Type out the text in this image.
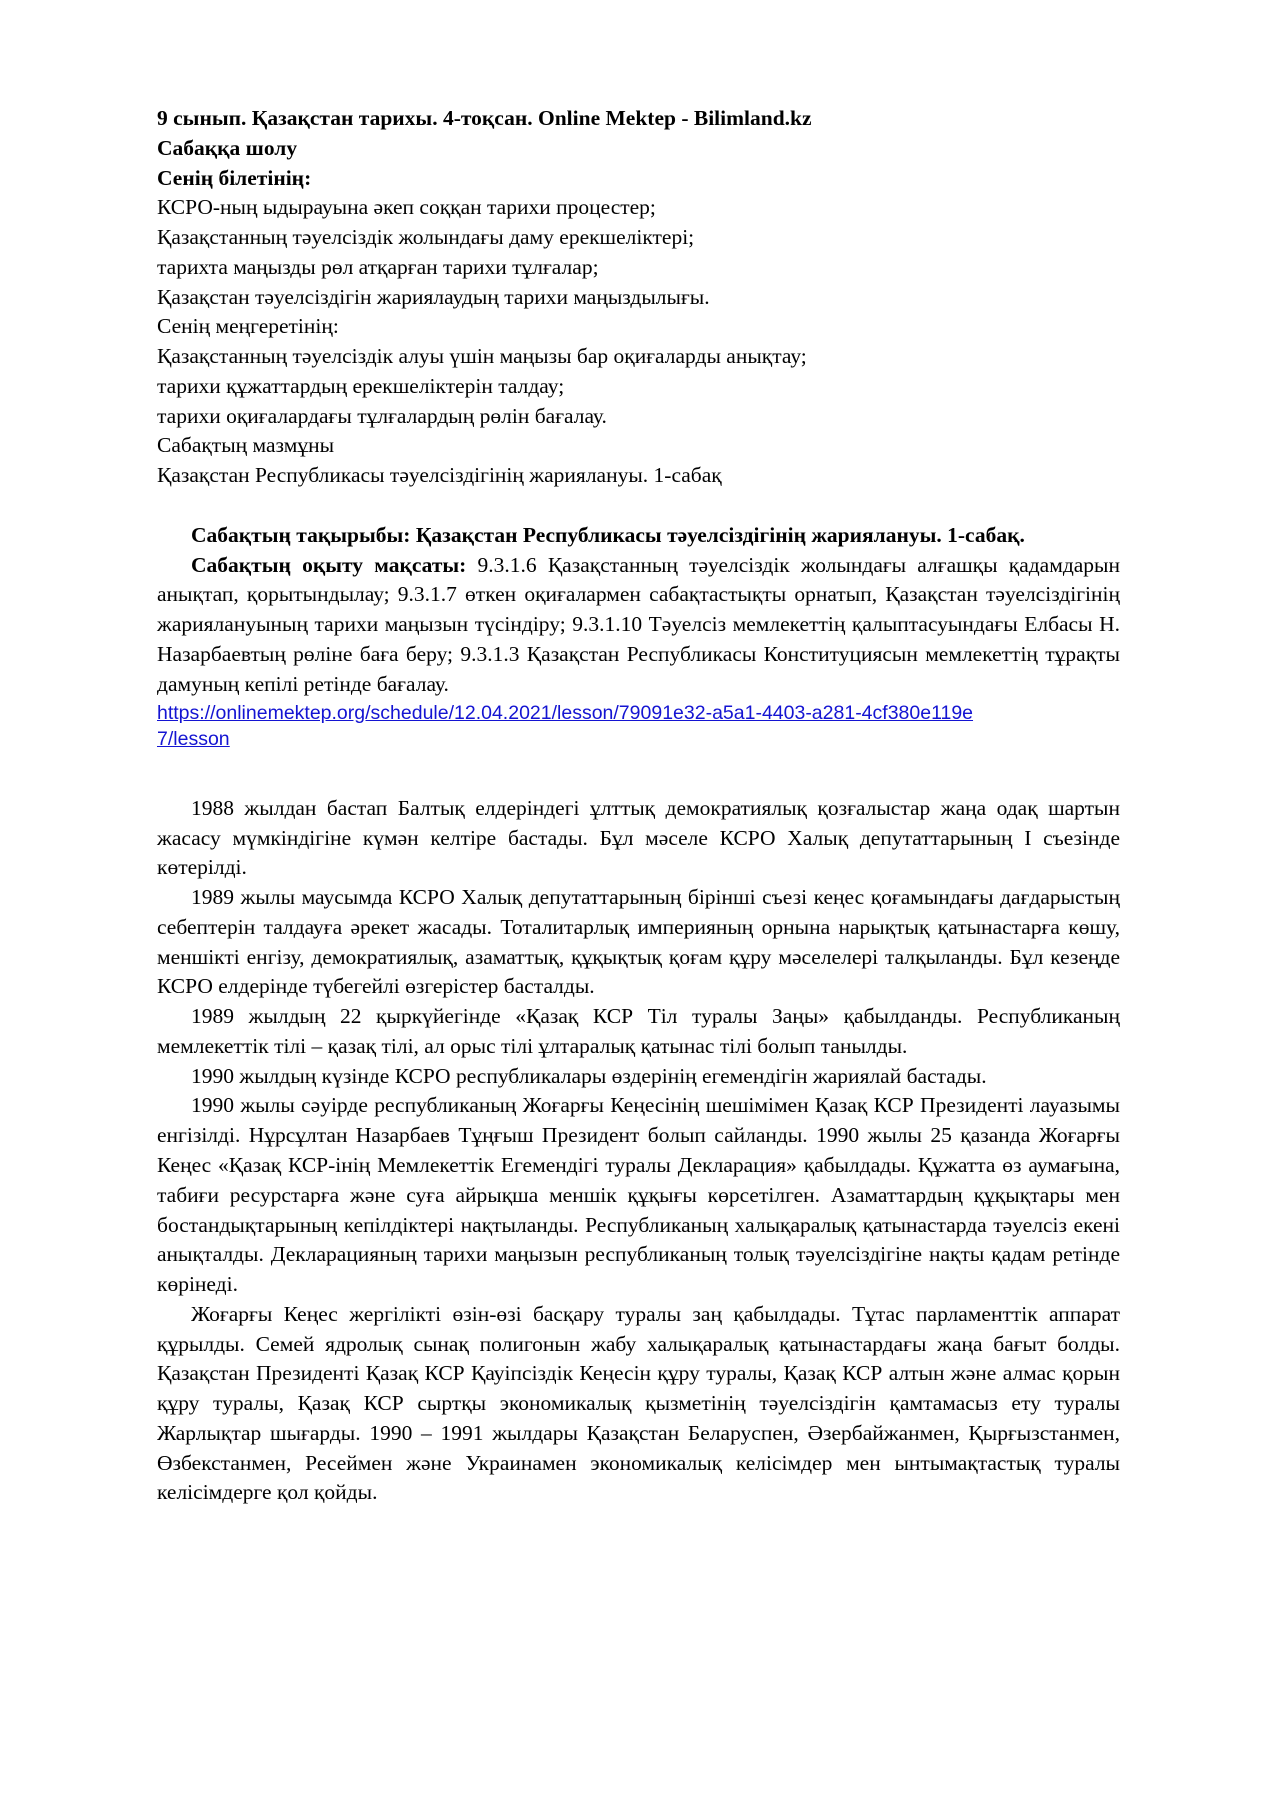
9 сынып. Қазақстан тарихы. 4-тоқсан. Online Mektep - Bilimland.kz
Сабаққа шолу
Сенің білетінің:
КСРО-ның ыдырауына әкеп соққан тарихи процестер;
Қазақстанның тәуелсіздік жолындағы даму ерекшеліктері;
тарихта маңызды рөл атқарған тарихи тұлғалар;
Қазақстан тәуелсіздігін жариялаудың тарихи маңыздылығы.
Сенің меңгеретінің:
Қазақстанның тәуелсіздік алуы үшін маңызы бар оқиғаларды анықтау;
тарихи құжаттардың ерекшеліктерін талдау;
тарихи оқиғалардағы тұлғалардың рөлін бағалау.
Сабақтың мазмұны
Қазақстан Республикасы тәуелсіздігінің жариялануы. 1-сабақ

Сабақтың тақырыбы: Қазақстан Республикасы тәуелсіздігінің жариялануы. 1-сабақ.

Сабақтың оқыту мақсаты: 9.3.1.6 Қазақстанның тәуелсіздік жолындағы алғашқы қадамдарын анықтап, қорытындылау; 9.3.1.7 өткен оқиғалармен сабақтастықты орнатып, Қазақстан тәуелсіздігінің жариялануының тарихи маңызын түсіндіру; 9.3.1.10 Тәуелсіз мемлекеттің қалыптасуындағы Елбасы Н. Назарбаевтың рөліне баға беру; 9.3.1.3 Қазақстан Республикасы Конституциясын мемлекеттің тұрақты дамуның кепілі ретінде бағалау.

https://onlinemektep.org/schedule/12.04.2021/lesson/79091e32-a5a1-4403-a281-4cf380e119e7/lesson

1988 жылдан бастап Балтық елдеріндегі ұлттық демократиялық қозғалыстар жаңа одақ шартын жасасу мүмкіндігіне күмән келтіре бастады. Бұл мәселе КСРО Халық депутаттарының I съезінде көтерілді.

1989 жылы маусымда КСРО Халық депутаттарының бірінші съезі кеңес қоғамындағы дағдарыстың себептерін талдауға әрекет жасады. Тоталитарлық империяның орнына нарықтық қатынастарға көшу, меншікті енгізу, демократиялық, азаматтық, құқықтық қоғам құру мәселелері талқыланды. Бұл кезеңде КСРО елдерінде түбегейлі өзгерістер басталды.

1989 жылдың 22 қыркүйегінде «Қазақ КСР Тіл туралы Заңы» қабылданды. Республиканың мемлекеттік тілі – қазақ тілі, ал орыс тілі ұлтаралық қатынас тілі болып танылды.

1990 жылдың күзінде КСРО республикалары өздерінің егемендігін жариялай бастады.

1990 жылы сәуірде республиканың Жоғарғы Кеңесінің шешімімен Қазақ КСР Президенті лауазымы енгізілді. Нұрсұлтан Назарбаев Тұңғыш Президент болып сайланды. 1990 жылы 25 қазанда Жоғарғы Кеңес «Қазақ КСР-інің Мемлекеттік Егемендігі туралы Декларация» қабылдады. Құжатта өз аумағына, табиғи ресурстарға және суға айрықша меншік құқығы көрсетілген. Азаматтардың құқықтары мен бостандықтарының кепілдіктері нақтыланды. Республиканың халықаралық қатынастарда тәуелсіз екені анықталды. Декларацияның тарихи маңызын республиканың толық тәуелсіздігіне нақты қадам ретінде көрінеді.

Жоғарғы Кеңес жергілікті өзін-өзі басқару туралы заң қабылдады. Тұтас парламенттік аппарат құрылды. Семей ядролық сынақ полигонын жабу халықаралық қатынастардағы жаңа бағыт болды. Қазақстан Президенті Қазақ КСР Қауіпсіздік Кеңесін құру туралы, Қазақ КСР алтын және алмас қорын құру туралы, Қазақ КСР сыртқы экономикалық қызметінің тәуелсіздігін қамтамасыз ету туралы Жарлықтар шығарды. 1990 – 1991 жылдары Қазақстан Беларуспен, Әзербайжанмен, Қырғызстанмен, Өзбекстанмен, Ресеймен және Украинамен экономикалық келісімдер мен ынтымақтастық туралы келісімдерге қол қойды.
